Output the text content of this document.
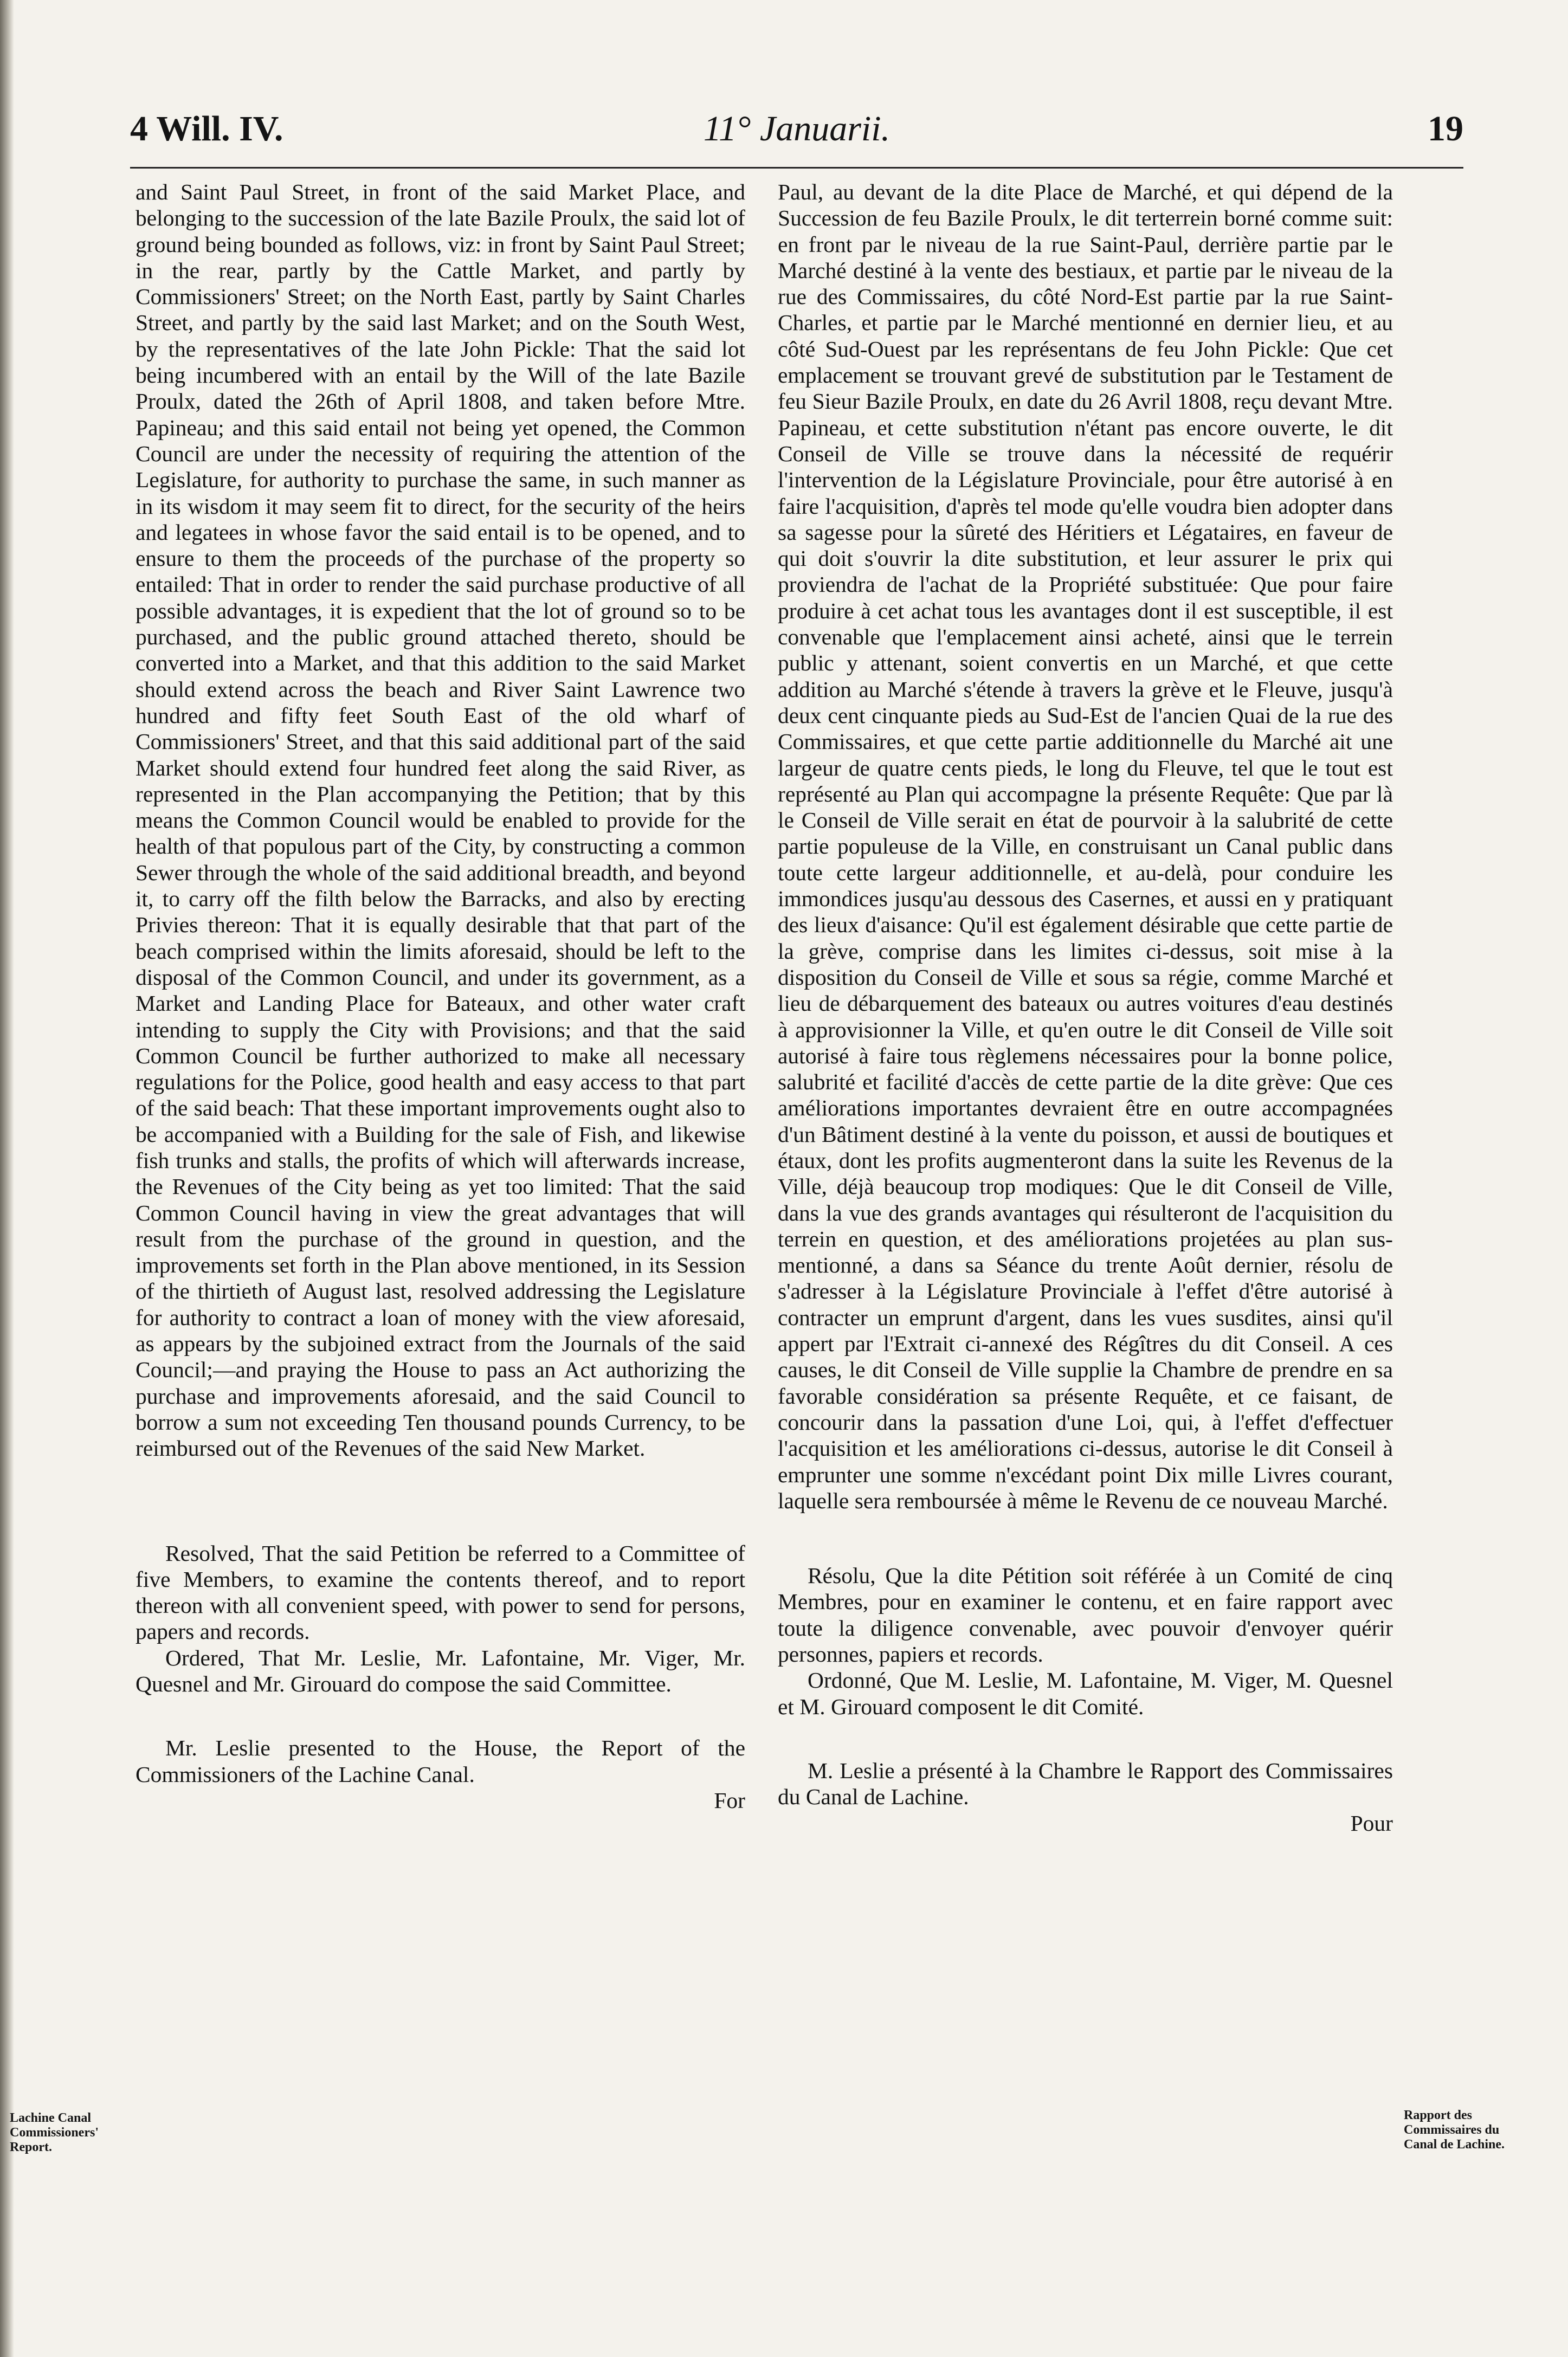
4 Will. IV.	11° Januarii.	19

and Saint Paul Street, in front of the said Market Place, and belonging to the succession of the late Bazile Proulx, the said lot of ground being bounded as follows, viz: in front by Saint Paul Street; in the rear, partly by the Cattle Market, and partly by Commissioners' Street; on the North East, partly by Saint Charles Street, and partly by the said last Market; and on the South West, by the representatives of the late John Pickle: That the said lot being incumbered with an entail by the Will of the late Bazile Proulx, dated the 26th of April 1808, and taken before Mtre. Papineau; and this said entail not being yet opened, the Common Council are under the necessity of requiring the attention of the Legislature, for authority to purchase the same, in such manner as in its wisdom it may seem fit to direct, for the security of the heirs and legatees in whose favor the said entail is to be opened, and to ensure to them the proceeds of the purchase of the property so entailed: That in order to render the said purchase productive of all possible advantages, it is expedient that the lot of ground so to be purchased, and the public ground attached thereto, should be converted into a Market, and that this addition to the said Market should extend across the beach and River Saint Lawrence two hundred and fifty feet South East of the old wharf of Commissioners' Street, and that this said additional part of the said Market should extend four hundred feet along the said River, as represented in the Plan accompanying the Petition; that by this means the Common Council would be enabled to provide for the health of that populous part of the City, by constructing a common Sewer through the whole of the said additional breadth, and beyond it, to carry off the filth below the Barracks, and also by erecting Privies thereon: That it is equally desirable that that part of the beach comprised within the limits aforesaid, should be left to the disposal of the Common Council, and under its government, as a Market and Landing Place for Bateaux, and other water craft intending to supply the City with Provisions; and that the said Common Council be further authorized to make all necessary regulations for the Police, good health and easy access to that part of the said beach: That these important improvements ought also to be accompanied with a Building for the sale of Fish, and likewise fish trunks and stalls, the profits of which will afterwards increase, the Revenues of the City being as yet too limited: That the said Common Council having in view the great advantages that will result from the purchase of the ground in question, and the improvements set forth in the Plan above mentioned, in its Session of the thirtieth of August last, resolved addressing the Legislature for authority to contract a loan of money with the view aforesaid, as appears by the subjoined extract from the Journals of the said Council;—and praying the House to pass an Act authorizing the purchase and improvements aforesaid, and the said Council to borrow a sum not exceeding Ten thousand pounds Currency, to be reimbursed out of the Revenues of the said New Market.

Resolved, That the said Petition be referred to a Committee of five Members, to examine the contents thereof, and to report thereon with all convenient speed, with power to send for persons, papers and records.

Ordered, That Mr. Leslie, Mr. Lafontaine, Mr. Viger, Mr. Quesnel and Mr. Girouard do compose the said Committee.

Mr. Leslie presented to the House, the Report of the Commissioners of the Lachine Canal.

For

Paul, au devant de la dite Place de Marché, et qui dépend de la Succession de feu Bazile Proulx, le dit terterrein borné comme suit: en front par le niveau de la rue Saint-Paul, derrière partie par le Marché destiné à la vente des bestiaux, et partie par le niveau de la rue des Commissaires, du côté Nord-Est partie par la rue Saint-Charles, et partie par le Marché mentionné en dernier lieu, et au côté Sud-Ouest par les représentans de feu John Pickle: Que cet emplacement se trouvant grevé de substitution par le Testament de feu Sieur Bazile Proulx, en date du 26 Avril 1808, reçu devant Mtre. Papineau, et cette substitution n'étant pas encore ouverte, le dit Conseil de Ville se trouve dans la nécessité de requérir l'intervention de la Législature Provinciale, pour être autorisé à en faire l'acquisition, d'après tel mode qu'elle voudra bien adopter dans sa sagesse pour la sûreté des Héritiers et Légataires, en faveur de qui doit s'ouvrir la dite substitution, et leur assurer le prix qui proviendra de l'achat de la Propriété substituée: Que pour faire produire à cet achat tous les avantages dont il est susceptible, il est convenable que l'emplacement ainsi acheté, ainsi que le terrein public y attenant, soient convertis en un Marché, et que cette addition au Marché s'étende à travers la grève et le Fleuve, jusqu'à deux cent cinquante pieds au Sud-Est de l'ancien Quai de la rue des Commissaires, et que cette partie additionnelle du Marché ait une largeur de quatre cents pieds, le long du Fleuve, tel que le tout est représenté au Plan qui accompagne la présente Requête: Que par là le Conseil de Ville serait en état de pourvoir à la salubrité de cette partie populeuse de la Ville, en construisant un Canal public dans toute cette largeur additionnelle, et au-delà, pour conduire les immondices jusqu'au dessous des Casernes, et aussi en y pratiquant des lieux d'aisance: Qu'il est également désirable que cette partie de la grève, comprise dans les limites ci-dessus, soit mise à la disposition du Conseil de Ville et sous sa régie, comme Marché et lieu de débarquement des bateaux ou autres voitures d'eau destinés à approvisionner la Ville, et qu'en outre le dit Conseil de Ville soit autorisé à faire tous règlemens nécessaires pour la bonne police, salubrité et facilité d'accès de cette partie de la dite grève: Que ces améliorations importantes devraient être en outre accompagnées d'un Bâtiment destiné à la vente du poisson, et aussi de boutiques et étaux, dont les profits augmenteront dans la suite les Revenus de la Ville, déjà beaucoup trop modiques: Que le dit Conseil de Ville, dans la vue des grands avantages qui résulteront de l'acquisition du terrein en question, et des améliorations projetées au plan sus-mentionné, a dans sa Séance du trente Août dernier, résolu de s'adresser à la Législature Provinciale à l'effet d'être autorisé à contracter un emprunt d'argent, dans les vues susdites, ainsi qu'il appert par l'Extrait ci-annexé des Régîtres du dit Conseil. A ces causes, le dit Conseil de Ville supplie la Chambre de prendre en sa favorable considération sa présente Requête, et ce faisant, de concourir dans la passation d'une Loi, qui, à l'effet d'effectuer l'acquisition et les améliorations ci-dessus, autorise le dit Conseil à emprunter une somme n'excédant point Dix mille Livres courant, laquelle sera remboursée à même le Revenu de ce nouveau Marché.

Résolu, Que la dite Pétition soit référée à un Comité de cinq Membres, pour en examiner le contenu, et en faire rapport avec toute la diligence convenable, avec pouvoir d'envoyer quérir personnes, papiers et records.

Ordonné, Que M. Leslie, M. Lafontaine, M. Viger, M. Quesnel et M. Girouard composent le dit Comité.

M. Leslie a présenté à la Chambre le Rapport des Commissaires du Canal de Lachine.

Pour
Lachine Canal Commissioners' Report.
Rapport des Commissaires du Canal de Lachine.
